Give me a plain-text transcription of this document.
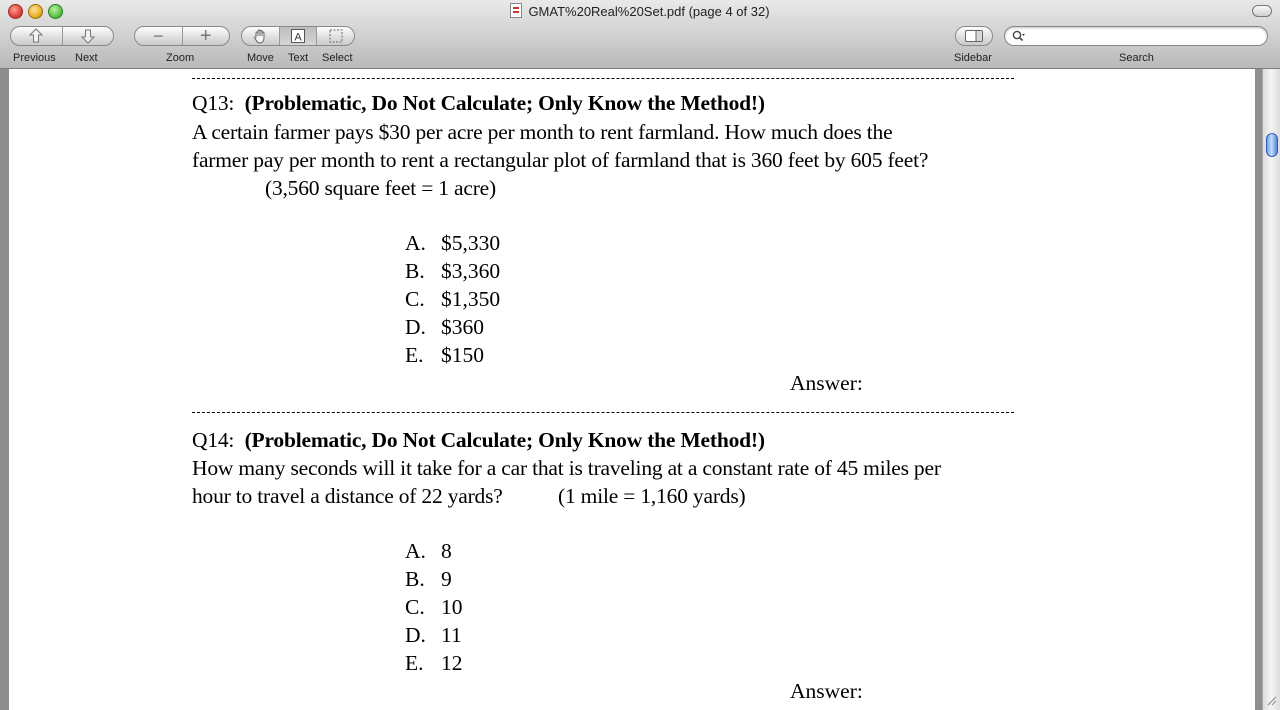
GMAT%20Real%20Set.pdf (page 4 of 32)
Previous Next
− +
Zoom
A
Move Text Select	Sidebar	Search
Q13: (Problematic, Do Not Calculate; Only Know the Method!)
A certain farmer pays $30 per acre per month to rent farmland. How much does the
farmer pay per month to rent a rectangular plot of farmland that is 360 feet by 605 feet?
(3,560 square feet = 1 acre)
A. $5,330
B. $3,360
C. $1,350
D. $360
E. $150
Answer:
Q14: (Problematic, Do Not Calculate; Only Know the Method!)
How many seconds will it take for a car that is traveling at a constant rate of 45 miles per
hour to travel a distance of 22 yards?	(1 mile = 1,160 yards)
A. 8
B. 9
C. 10
D. 11
E. 12
Answer:
